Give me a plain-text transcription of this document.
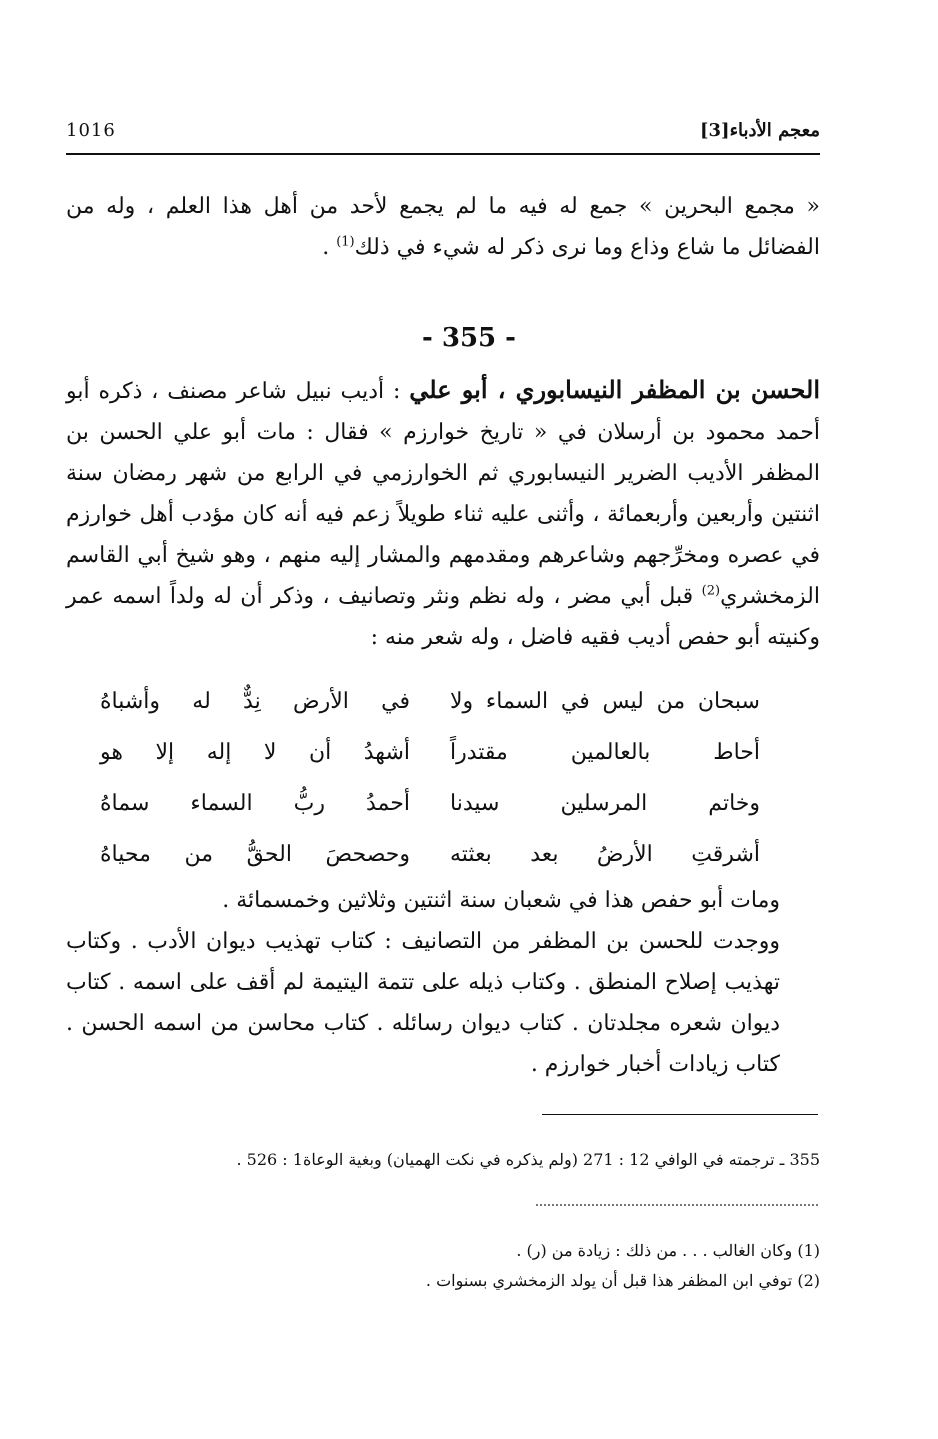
معجم الأدباء[3]
1016
« مجمع البحرين » جمع له فيه ما لم يجمع لأحد من أهل هذا العلم ، وله من الفضائل ما شاع وذاع وما نرى ذكر له شيء في ذلك$^{(1)}$ .
- 355 -
الحسن بن المظفر النيسابوري ، أبو علي : أديب نبيل شاعر مصنف ، ذكره أبو أحمد محمود بن أرسلان في « تاريخ خوارزم » فقال : مات أبو علي الحسن بن المظفر الأديب الضرير النيسابوري ثم الخوارزمي في الرابع من شهر رمضان سنة اثنتين وأربعين وأربعمائة ، وأثنى عليه ثناء طويلاً زعم فيه أنه كان مؤدب أهل خوارزم في عصره ومخرِّجهم وشاعرهم ومقدمهم والمشار إليه منهم ، وهو شيخ أبي القاسم الزمخشري$^{(2)}$ قبل أبي مضر ، وله نظم ونثر وتصانيف ، وذكر أن له ولداً اسمه عمر وكنيته أبو حفص أديب فقيه فاضل ، وله شعر منه :
سبحان من ليس في السماء ولا
في الأرض نِدٌّ له وأشباهُ
أحاط بالعالمين مقتدراً
أشهدُ أن لا إله إلا هو
وخاتم المرسلين سيدنا
أحمدُ ربُّ السماء سماهُ
أشرقتِ الأرضُ بعد بعثته
وحصحصَ الحقُّ من محياهُ

ومات أبو حفص هذا في شعبان سنة اثنتين وثلاثين وخمسمائة .

ووجدت للحسن بن المظفر من التصانيف : كتاب تهذيب ديوان الأدب . وكتاب تهذيب إصلاح المنطق . وكتاب ذيله على تتمة اليتيمة لم أقف على اسمه . كتاب ديوان شعره مجلدتان . كتاب ديوان رسائله . كتاب محاسن من اسمه الحسن . كتاب زيادات أخبار خوارزم .

355 ـ ترجمته في الوافي 12 : 271 (ولم يذكره في نكت الهميان) وبغية الوعاة1 : 526 .
(1) وكان الغالب . . . من ذلك : زيادة من (ر) .
(2) توفي ابن المظفر هذا قبل أن يولد الزمخشري بسنوات .
